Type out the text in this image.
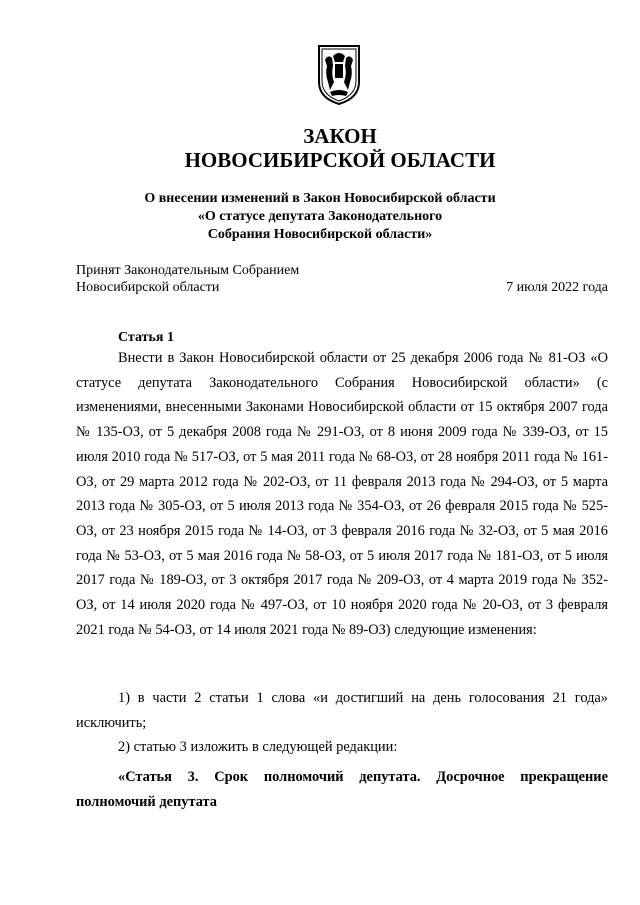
ЗАКОН
НОВОСИБИРСКОЙ ОБЛАСТИ

О внесении изменений в Закон Новосибирской области

«О статусе депутата Законодательного

Собрания Новосибирской области»

Принят Законодательным Собранием
Новосибирской области	7 июля 2022 года
Статья 1

Внести в Закон Новосибирской области от 25 декабря 2006 года № 81-ОЗ «О статусе депутата Законодательного Собрания Новосибирской области» (с изменениями, внесенными Законами Новосибирской области от 15 октября 2007 года № 135-ОЗ, от 5 декабря 2008 года № 291-ОЗ, от 8 июня 2009 года № 339-ОЗ, от 15 июля 2010 года № 517-ОЗ, от 5 мая 2011 года № 68-ОЗ, от 28 ноября 2011 года № 161-ОЗ, от 29 марта 2012 года № 202-ОЗ, от 11 февраля 2013 года № 294-ОЗ, от 5 марта 2013 года № 305-ОЗ, от 5 июля 2013 года № 354-ОЗ, от 26 февраля 2015 года № 525-ОЗ, от 23 ноября 2015 года № 14-ОЗ, от 3 февраля 2016 года № 32-ОЗ, от 5 мая 2016 года № 53-ОЗ, от 5 мая 2016 года № 58-ОЗ, от 5 июля 2017 года № 181-ОЗ, от 5 июля 2017 года № 189-ОЗ, от 3 октября 2017 года № 209-ОЗ, от 4 марта 2019 года № 352-ОЗ, от 14 июля 2020 года № 497-ОЗ, от 10 ноября 2020 года № 20-ОЗ, от 3 февраля 2021 года № 54-ОЗ, от 14 июля 2021 года № 89-ОЗ) следующие изменения:

1) в части 2 статьи 1 слова «и достигший на день голосования 21 года» исключить;

2) статью 3 изложить в следующей редакции:

«Статья 3. Срок полномочий депутата. Досрочное прекращение полномочий депутата
